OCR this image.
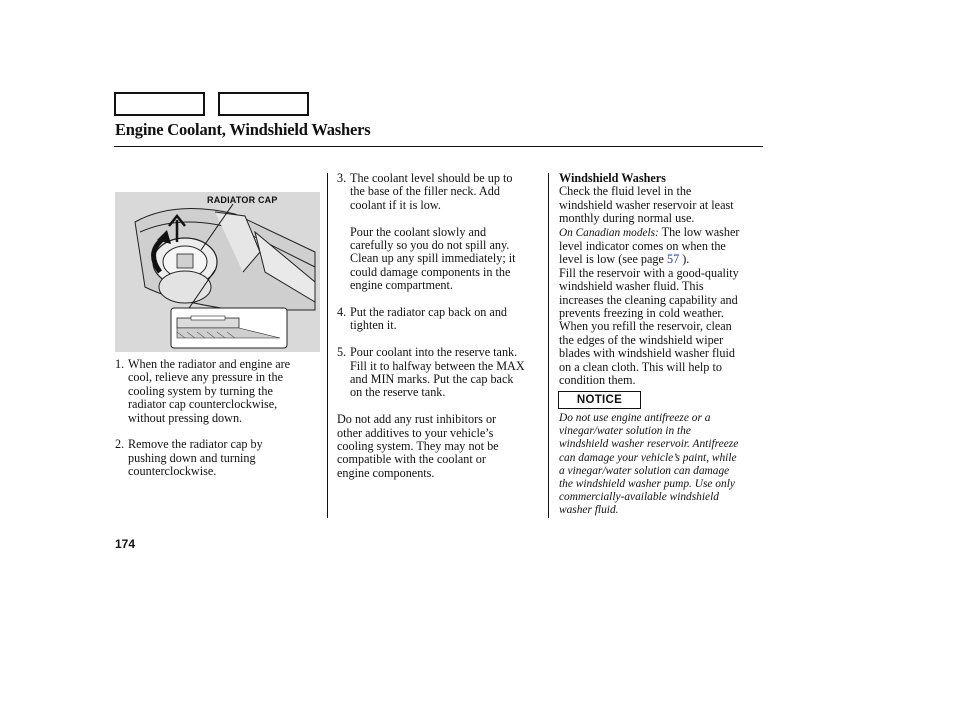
Engine Coolant, Windshield Washers
RADIATOR CAP
1. When the radiator and engine are
cool, relieve any pressure in the
cooling system by turning the
radiator cap counterclockwise,
without pressing down.
2. Remove the radiator cap by
pushing down and turning
counterclockwise.
3. The coolant level should be up to
the base of the filler neck. Add
coolant if it is low.
Pour the coolant slowly and
carefully so you do not spill any.
Clean up any spill immediately; it
could damage components in the
engine compartment.
4. Put the radiator cap back on and
tighten it.
5. Pour coolant into the reserve tank.
Fill it to halfway between the MAX
and MIN marks. Put the cap back
on the reserve tank.
Do not add any rust inhibitors or
other additives to your vehicle’s
cooling system. They may not be
compatible with the coolant or
engine components.
Windshield Washers
Check the fluid level in the
windshield washer reservoir at least
monthly during normal use.
On Canadian models: The low washer
level indicator comes on when the
level is low (see page 57 ).
Fill the reservoir with a good-quality
windshield washer fluid. This
increases the cleaning capability and
prevents freezing in cold weather.
When you refill the reservoir, clean
the edges of the windshield wiper
blades with windshield washer fluid
on a clean cloth. This will help to
condition them.
NOTICE
Do not use engine antifreeze or a
vinegar/water solution in the
windshield washer reservoir. Antifreeze
can damage your vehicle’s paint, while
a vinegar/water solution can damage
the windshield washer pump. Use only
commercially-available windshield
washer fluid.
174
